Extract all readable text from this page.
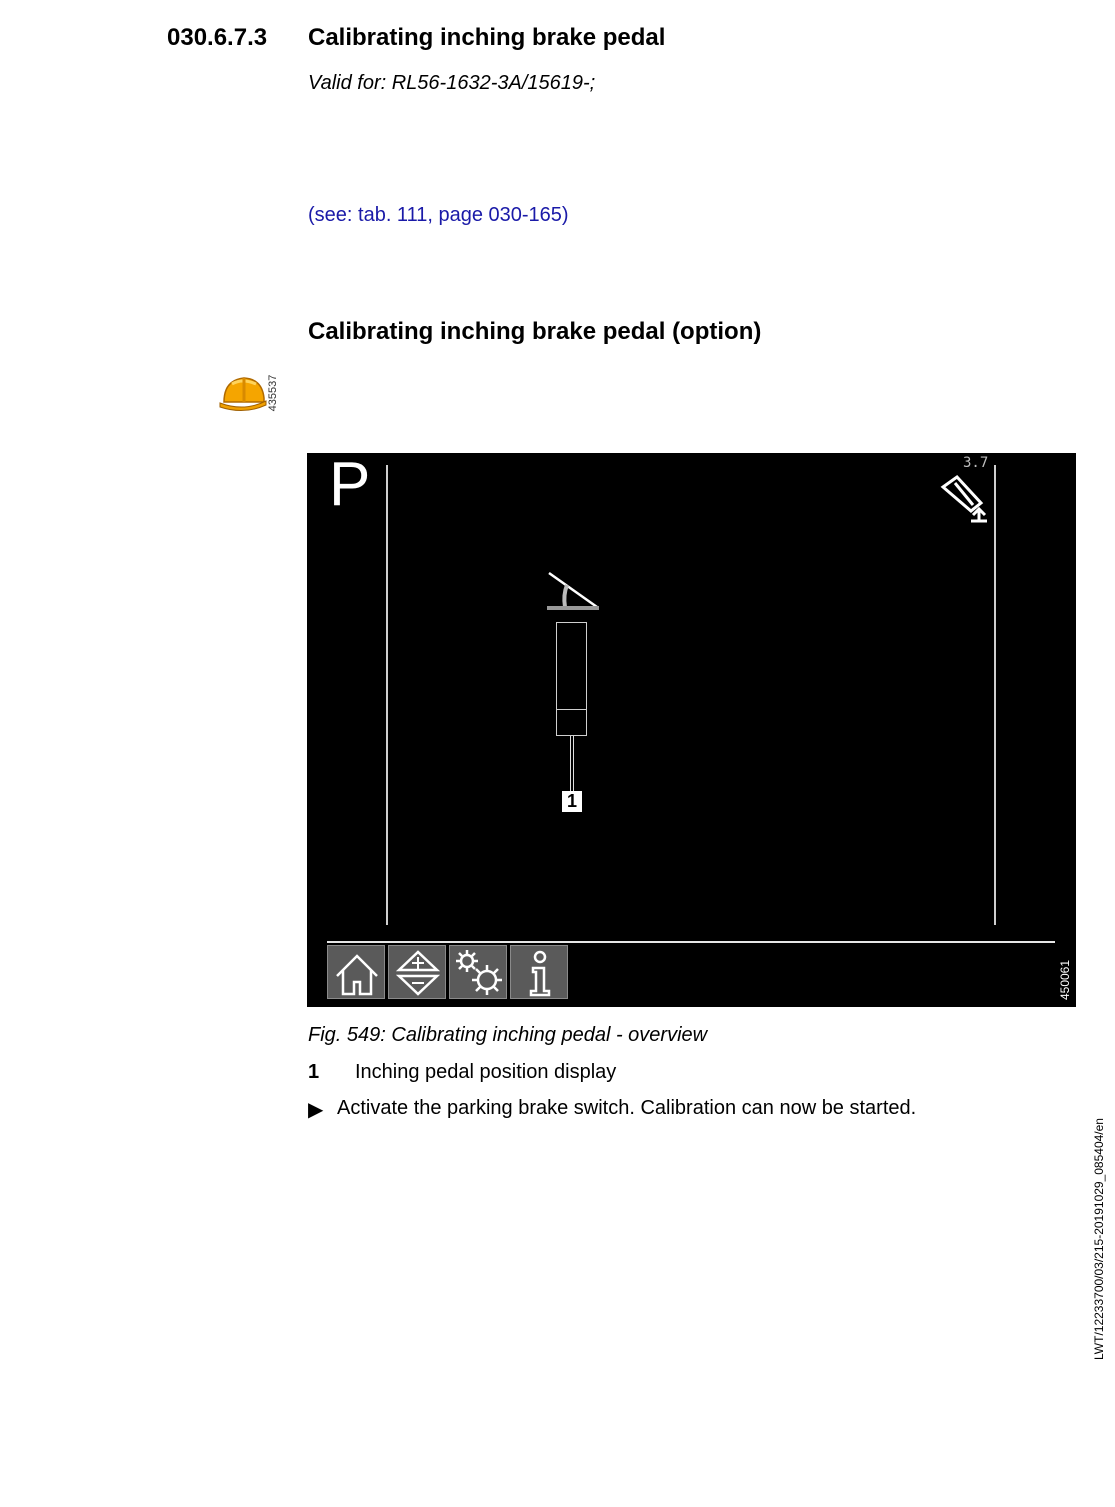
030.6.7.3 Calibrating inching brake pedal
Valid for: RL56-1632-3A/15619-;
(see: tab. 111, page 030-165)
Calibrating inching brake pedal (option)
435537
P	3.7
1
450061
Fig. 549: Calibrating inching pedal - overview
1 Inching pedal position display
▶ Activate the parking brake switch. Calibration can now be started.
LWT/12233700/03/215-20191029_085404/en
